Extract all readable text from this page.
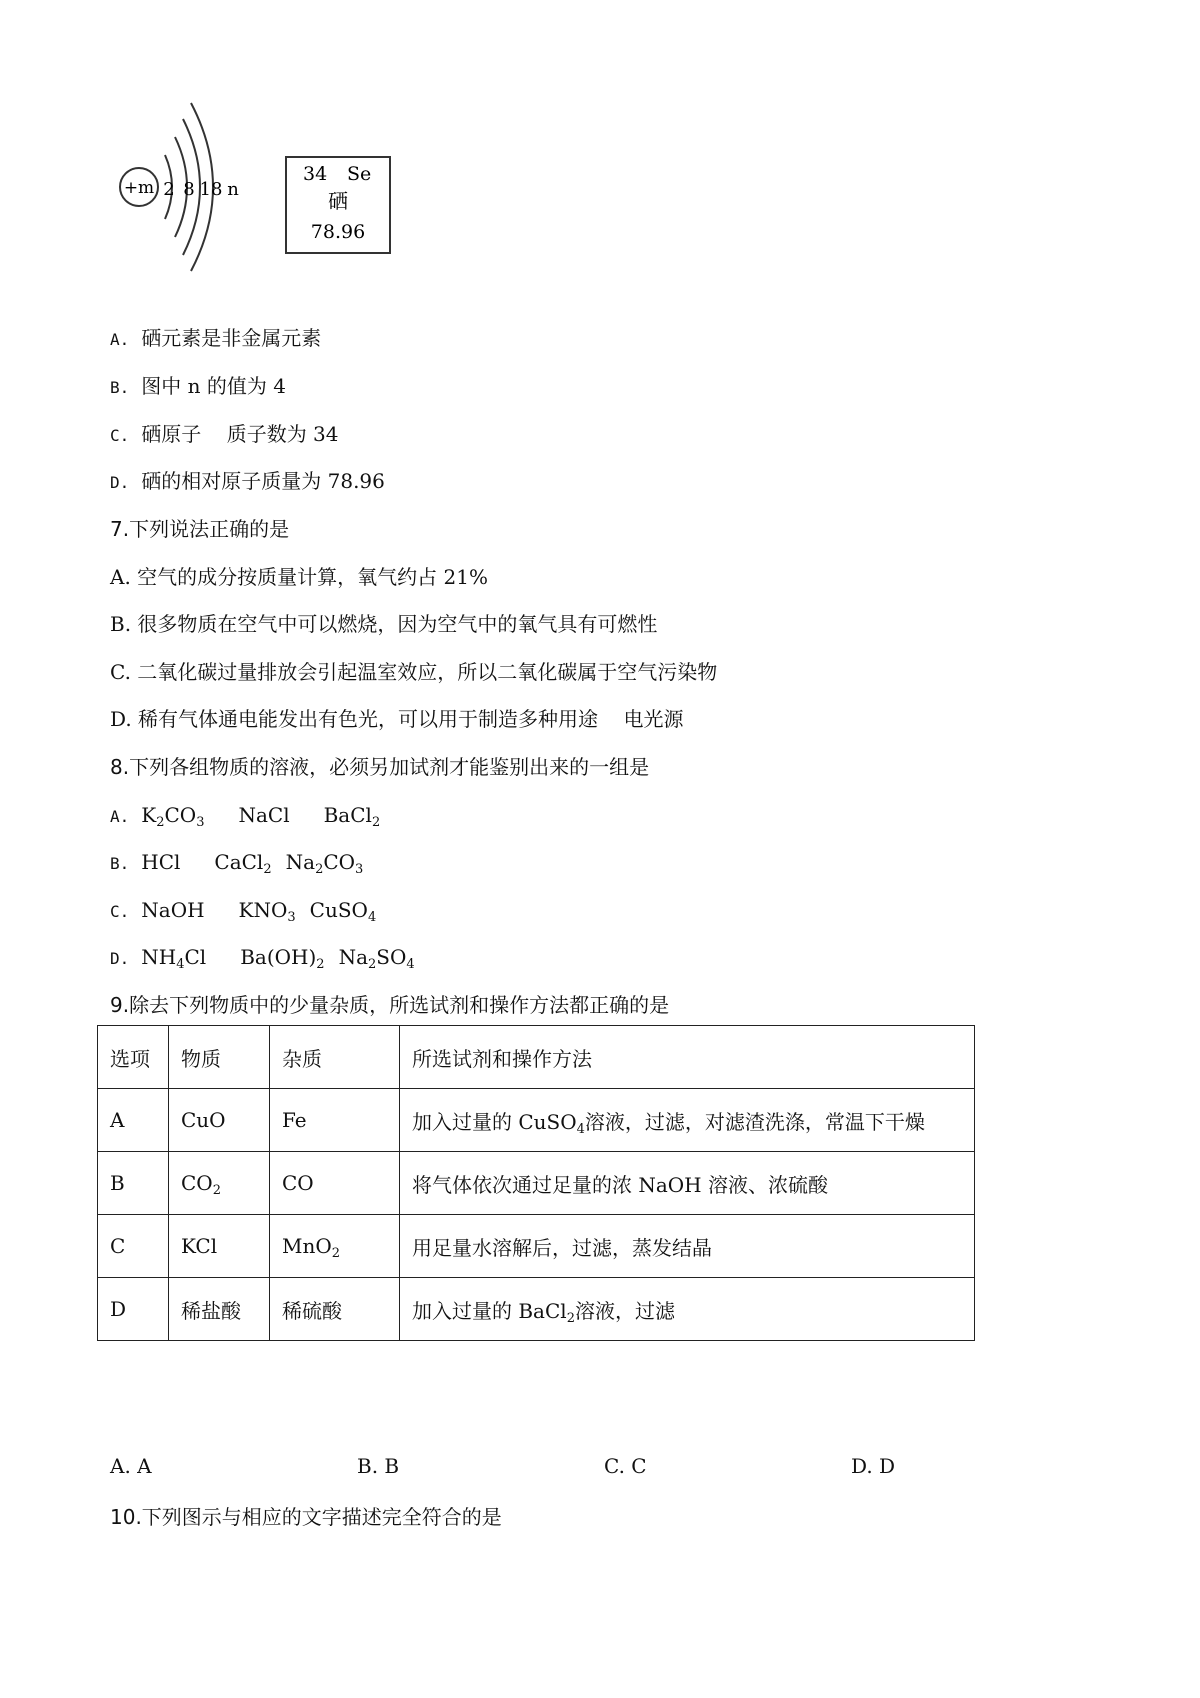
+m 2 8 18 n
34 Se
硒
78.96
A. 硒元素是非金属元素
B. 图中 n 的值为 4
C. 硒原子    质子数为 34
D. 硒的相对原子质量为 78.96
7.下列说法正确的是
A. 空气的成分按质量计算，氧气约占 21%
B. 很多物质在空气中可以燃烧，因为空气中的氧气具有可燃性
C. 二氧化碳过量排放会引起温室效应，所以二氧化碳属于空气污染物
D. 稀有气体通电能发出有色光，可以用于制造多种用途    电光源
8.下列各组物质的溶液，必须另加试剂才能鉴别出来的一组是
A. $K_2CO_3$ NaCl BaCl$_2$
B. HCl CaCl$_2$ $Na_2CO_3$
C. NaOH $KNO_3$ CuSO$_4$
D. $NH_4Cl$ $Ba(OH)_2$ $Na_2SO_4$
9.除去下列物质中的少量杂质，所选试剂和操作方法都正确的是
选项	物质	杂质	所选试剂和操作方法
A	CuO	Fe	加入过量的 CuSO$_4$溶液，过滤，对滤渣洗涤，常温下干燥
B	$CO_2$	CO	将气体依次通过足量的浓 NaOH 溶液、浓硫酸
C	KCl	MnO$_2$	用足量水溶解后，过滤，蒸发结晶
D	稀盐酸	稀硫酸	加入过量的 BaCl$_2$溶液，过滤
A. A	B. B	C. C	D. D
10.下列图示与相应的文字描述完全符合的是
